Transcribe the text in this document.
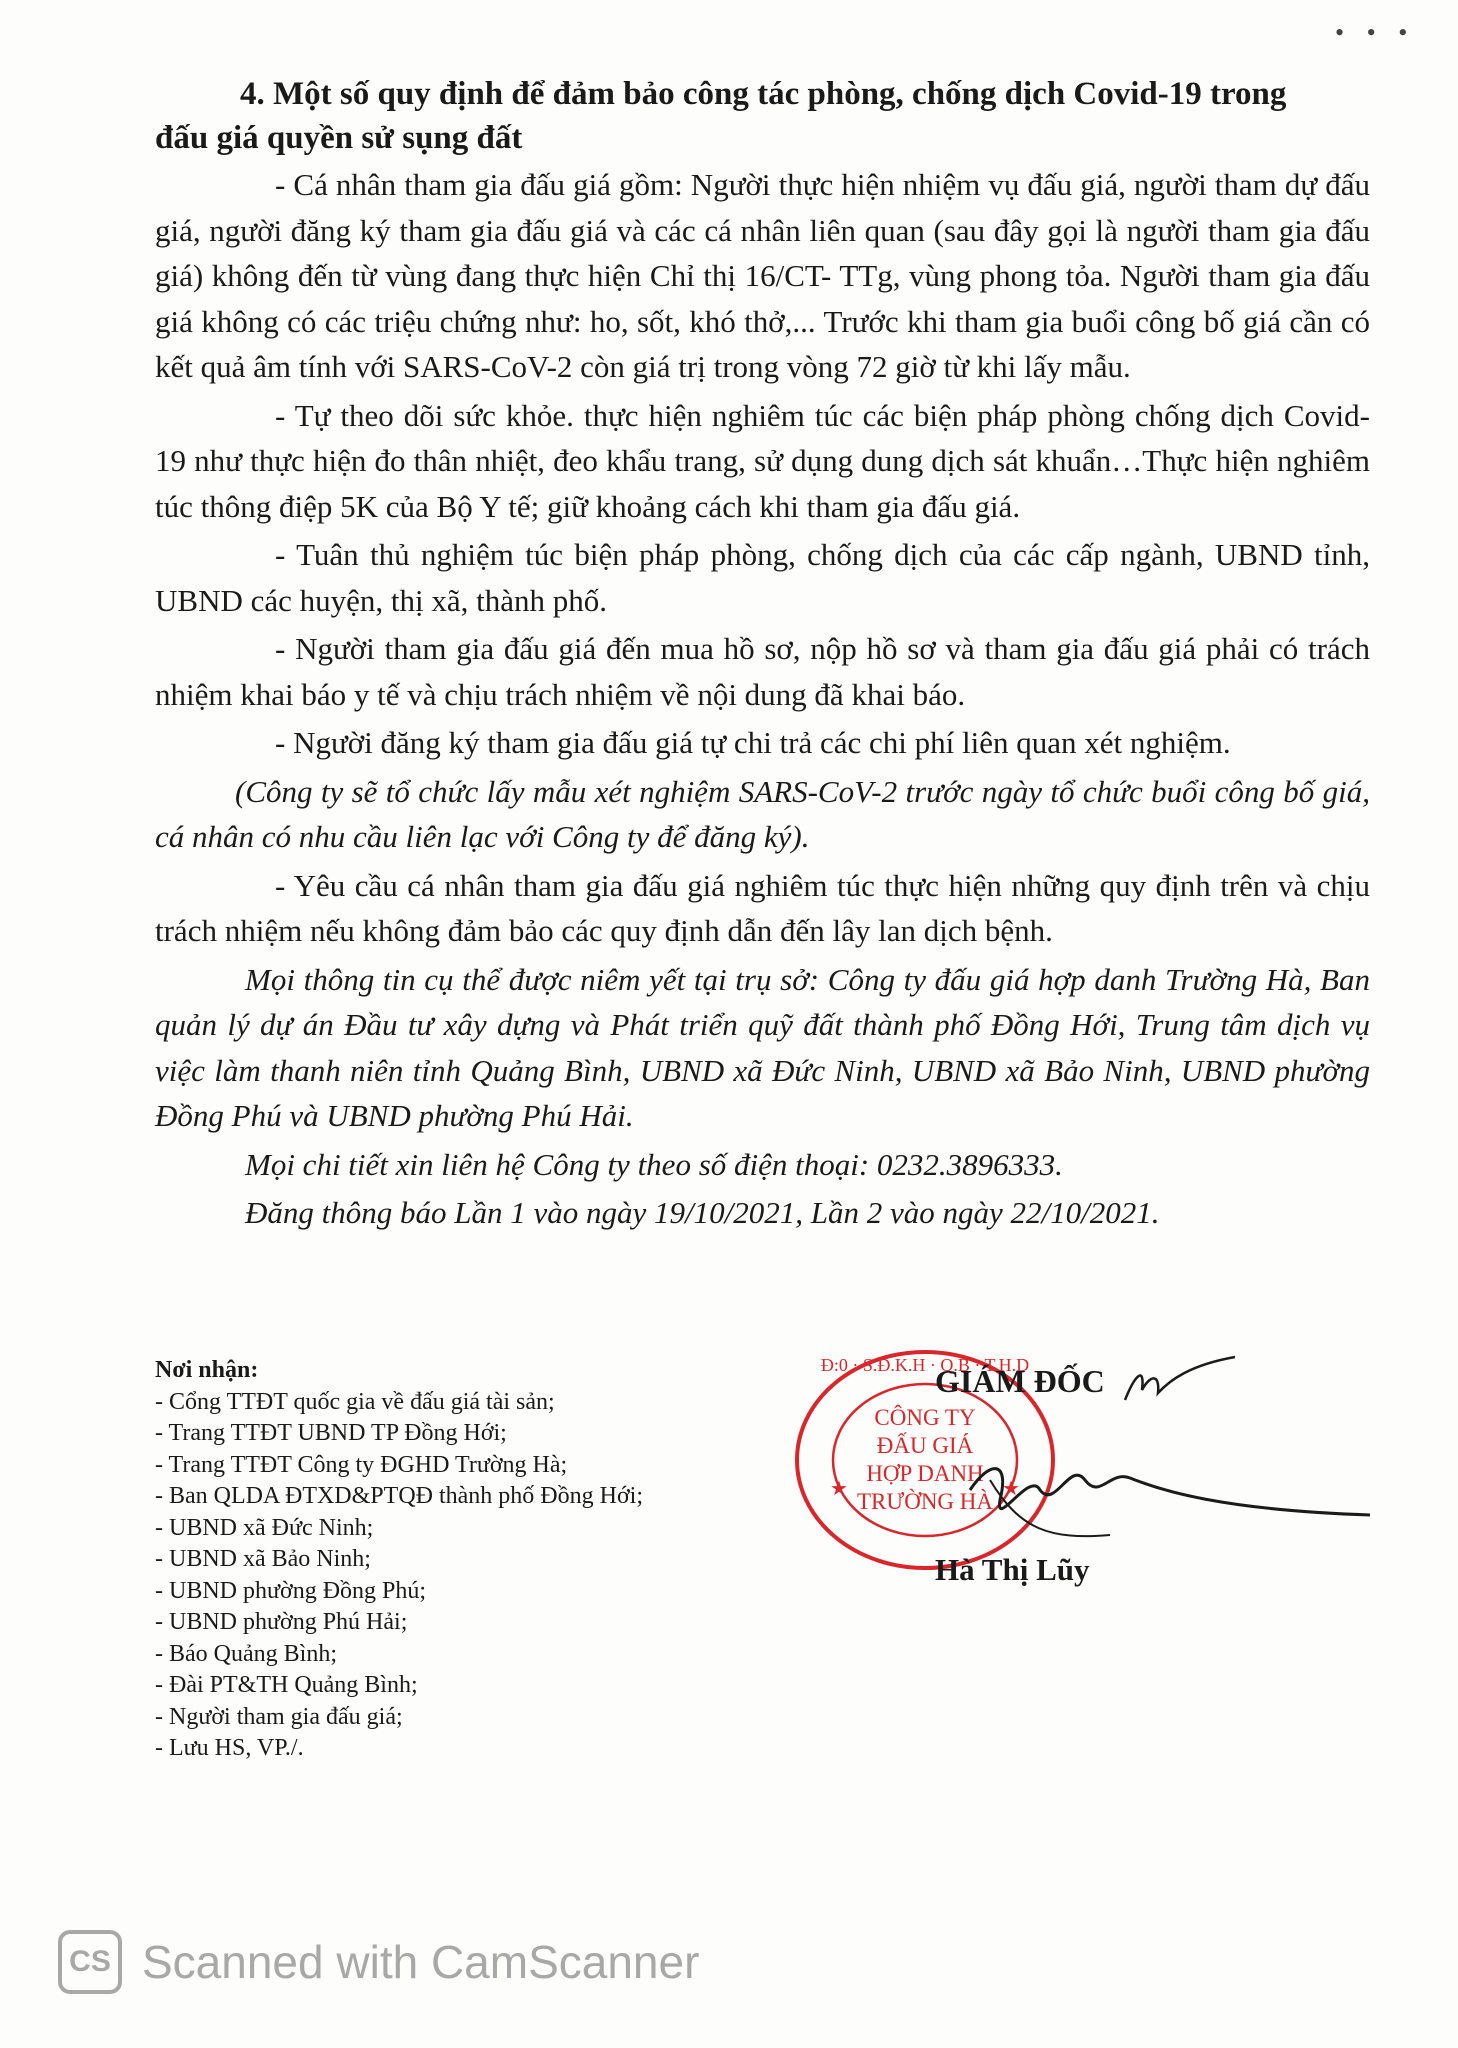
• • •
4. Một số quy định để đảm bảo công tác phòng, chống dịch Covid-19 trong
đấu giá quyền sử sụng đất

- Cá nhân tham gia đấu giá gồm: Người thực hiện nhiệm vụ đấu giá, người tham dự đấu giá, người đăng ký tham gia đấu giá và các cá nhân liên quan (sau đây gọi là người tham gia đấu giá) không đến từ vùng đang thực hiện Chỉ thị 16/CT- TTg, vùng phong tỏa. Người tham gia đấu giá không có các triệu chứng như: ho, sốt, khó thở,... Trước khi tham gia buổi công bố giá cần có kết quả âm tính với SARS-CoV-2 còn giá trị trong vòng 72 giờ từ khi lấy mẫu.

- Tự theo dõi sức khỏe. thực hiện nghiêm túc các biện pháp phòng chống dịch Covid- 19 như thực hiện đo thân nhiệt, đeo khẩu trang, sử dụng dung dịch sát khuẩn…Thực hiện nghiêm túc thông điệp 5K của Bộ Y tế; giữ khoảng cách khi tham gia đấu giá.

- Tuân thủ nghiệm túc biện pháp phòng, chống dịch của các cấp ngành, UBND tỉnh, UBND các huyện, thị xã, thành phố.

- Người tham gia đấu giá đến mua hồ sơ, nộp hồ sơ và tham gia đấu giá phải có trách nhiệm khai báo y tế và chịu trách nhiệm về nội dung đã khai báo.

- Người đăng ký tham gia đấu giá tự chi trả các chi phí liên quan xét nghiệm.

(Công ty sẽ tổ chức lấy mẫu xét nghiệm SARS-CoV-2 trước ngày tổ chức buổi công bố giá, cá nhân có nhu cầu liên lạc với Công ty để đăng ký).

- Yêu cầu cá nhân tham gia đấu giá nghiêm túc thực hiện những quy định trên và chịu trách nhiệm nếu không đảm bảo các quy định dẫn đến lây lan dịch bệnh.

Mọi thông tin cụ thể được niêm yết tại trụ sở: Công ty đấu giá hợp danh Trường Hà, Ban quản lý dự án Đầu tư xây dựng và Phát triển quỹ đất thành phố Đồng Hới, Trung tâm dịch vụ việc làm thanh niên tỉnh Quảng Bình, UBND xã Đức Ninh, UBND xã Bảo Ninh, UBND phường Đồng Phú và UBND phường Phú Hải.

Mọi chi tiết xin liên hệ Công ty theo số điện thoại: 0232.3896333.

Đăng thông báo Lần 1 vào ngày 19/10/2021, Lần 2 vào ngày 22/10/2021.

Nơi nhận:
- Cổng TTĐT quốc gia về đấu giá tài sản;
- Trang TTĐT UBND TP Đồng Hới;
- Trang TTĐT Công ty ĐGHD Trường Hà;
- Ban QLDA ĐTXD&PTQĐ thành phố Đồng Hới;
- UBND xã Đức Ninh;
- UBND xã Bảo Ninh;
- UBND phường Đồng Phú;
- UBND phường Phú Hải;
- Báo Quảng Bình;
- Đài PT&TH Quảng Bình;
- Người tham gia đấu giá;
- Lưu HS, VP./.
Đ:0 · S.Đ.K.H · Q.B · T.H.D
CÔNG TY
ĐẤU GIÁ
HỢP DANH
TRƯỜNG HÀ
★	★
GIÁM ĐỐC
Hà Thị Lũy
CS Scanned with CamScanner
